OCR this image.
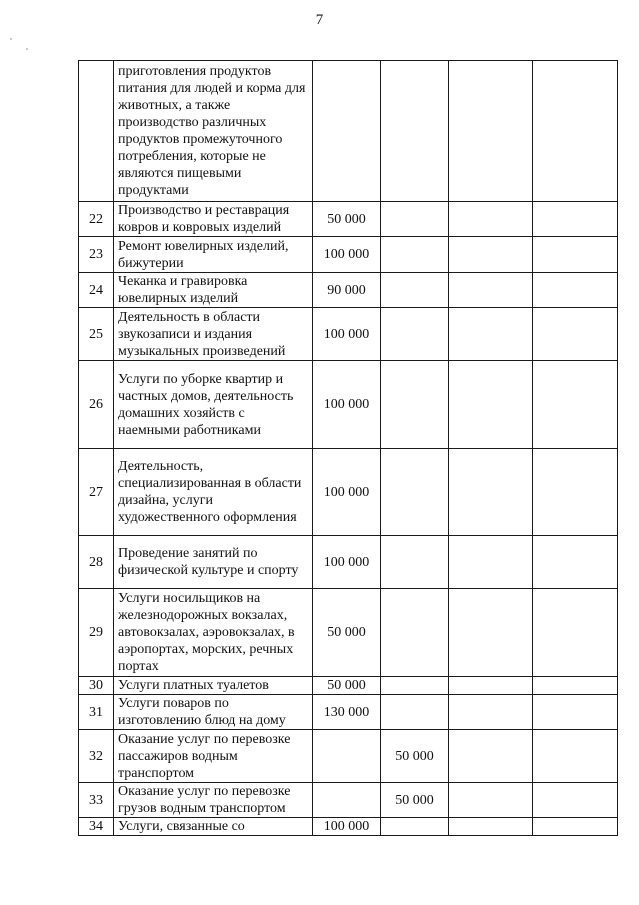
7
	приготовления продуктов питания для людей и корма для животных, а также производство различных продуктов промежуточного потребления, которые не являются пищевыми продуктами				
22	Производство и реставрация ковров и ковровых изделий	50 000			
23	Ремонт ювелирных изделий, бижутерии	100 000			
24	Чеканка и гравировка ювелирных изделий	90 000			
25	Деятельность в области звукозаписи и издания музыкальных произведений	100 000			
26	Услуги по уборке квартир и частных домов, деятельность домашних хозяйств с наемными работниками	100 000			
27	Деятельность, специализированная в области дизайна, услуги художественного оформления	100 000			
28	Проведение занятий по физической культуре и спорту	100 000			
29	Услуги носильщиков на железнодорожных вокзалах, автовокзалах, аэровокзалах, в аэропортах, морских, речных портах	50 000			
30	Услуги платных туалетов	50 000			
31	Услуги поваров по изготовлению блюд на дому	130 000			
32	Оказание услуг по перевозке пассажиров водным транспортом		50 000		
33	Оказание услуг по перевозке грузов водным транспортом		50 000		
34	Услуги, связанные со	100 000			
